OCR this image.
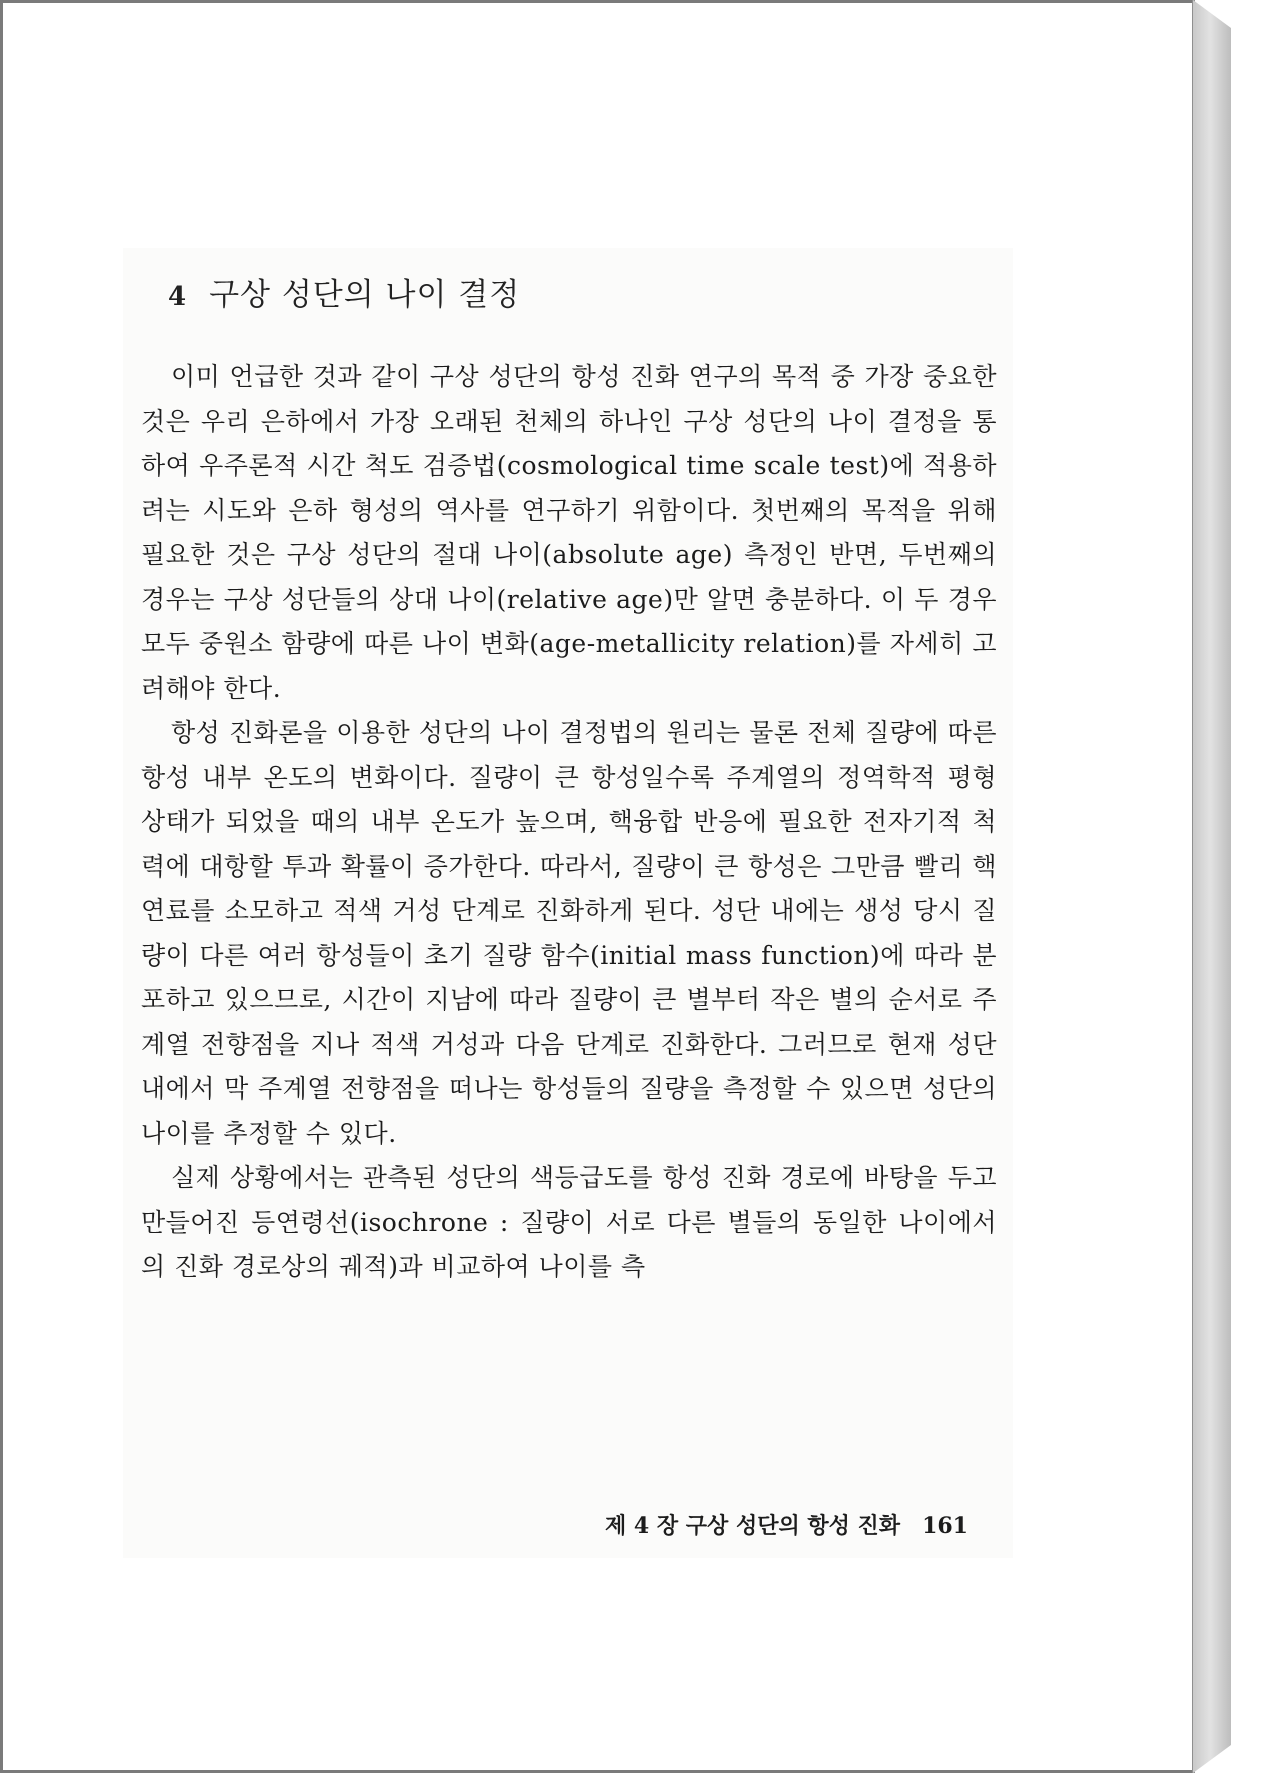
4 구상 성단의 나이 결정

이미 언급한 것과 같이 구상 성단의 항성 진화 연구의 목적 중 가장 중요한 것은 우리 은하에서 가장 오래된 천체의 하나인 구상 성단의 나이 결정을 통하여 우주론적 시간 척도 검증법(cosmological time scale test)에 적용하려는 시도와 은하 형성의 역사를 연구하기 위함이다. 첫번째의 목적을 위해 필요한 것은 구상 성단의 절대 나이(absolute age) 측정인 반면, 두번째의 경우는 구상 성단들의 상대 나이(relative age)만 알면 충분하다. 이 두 경우 모두 중원소 함량에 따른 나이 변화(age-metallicity relation)를 자세히 고려해야 한다.

항성 진화론을 이용한 성단의 나이 결정법의 원리는 물론 전체 질량에 따른 항성 내부 온도의 변화이다. 질량이 큰 항성일수록 주계열의 정역학적 평형 상태가 되었을 때의 내부 온도가 높으며, 핵융합 반응에 필요한 전자기적 척력에 대항할 투과 확률이 증가한다. 따라서, 질량이 큰 항성은 그만큼 빨리 핵 연료를 소모하고 적색 거성 단계로 진화하게 된다. 성단 내에는 생성 당시 질량이 다른 여러 항성들이 초기 질량 함수(initial mass function)에 따라 분포하고 있으므로, 시간이 지남에 따라 질량이 큰 별부터 작은 별의 순서로 주계열 전향점을 지나 적색 거성과 다음 단계로 진화한다. 그러므로 현재 성단 내에서 막 주계열 전향점을 떠나는 항성들의 질량을 측정할 수 있으면 성단의 나이를 추정할 수 있다.

실제 상황에서는 관측된 성단의 색등급도를 항성 진화 경로에 바탕을 두고 만들어진 등연령선(isochrone : 질량이 서로 다른 별들의 동일한 나이에서의 진화 경로상의 궤적)과 비교하여 나이를 측

제 4 장 구상 성단의 항성 진화 161
